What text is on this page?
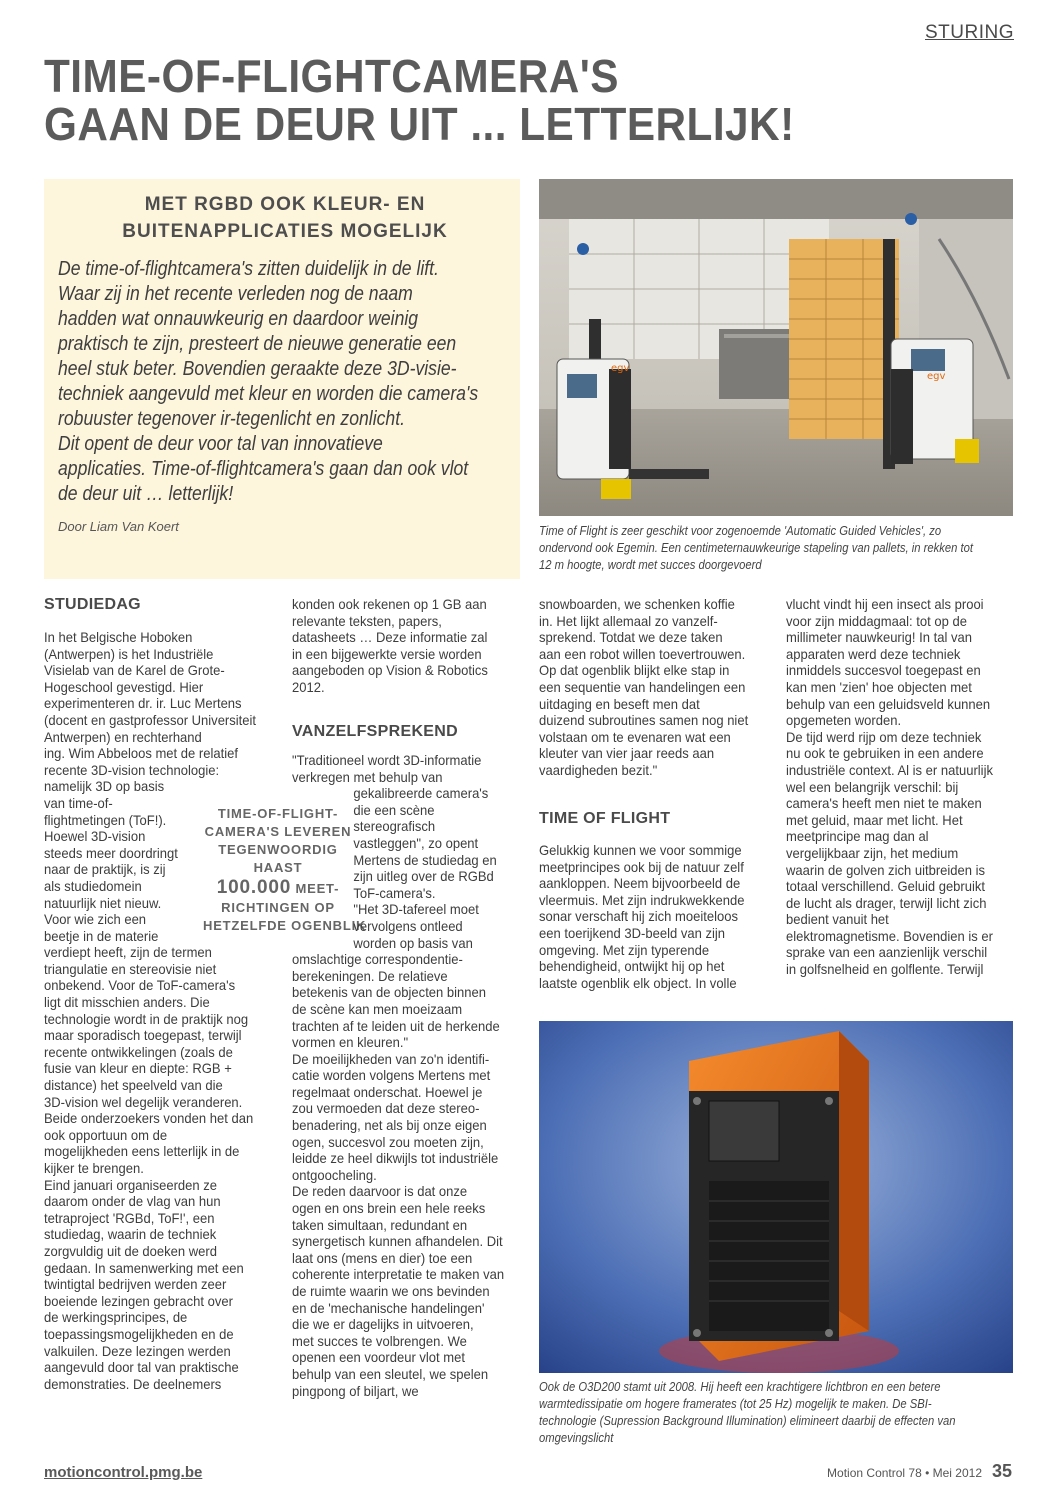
STURING
TIME-OF-FLIGHTCAMERA'S
GAAN DE DEUR UIT ... LETTERLIJK!
MET RGBD OOK KLEUR- EN
BUITENAPPLICATIES MOGELIJK
De time-of-flightcamera's zitten duidelijk in de lift.
Waar zij in het recente verleden nog de naam
hadden wat onnauwkeurig en daardoor weinig
praktisch te zijn, presteert de nieuwe generatie een
heel stuk beter. Bovendien geraakte deze 3D-visie-
techniek aangevuld met kleur en worden die camera's
robuuster tegenover ir-tegenlicht en zonlicht.
Dit opent de deur voor tal van innovatieve
applicaties. Time-of-flightcamera's gaan dan ook vlot
de deur uit … letterlijk!
Door Liam Van Koert
egv
egv
Time of Flight is zeer geschikt voor zogenoemde 'Automatic Guided Vehicles', zo
ondervond ook Egemin. Een centimeternauwkeurige stapeling van pallets, in rekken tot
12 m hoogte, wordt met succes doorgevoerd
STUDIEDAG
In het Belgische Hoboken
(Antwerpen) is het Industriële
Visielab van de Karel de Grote-
Hogeschool gevestigd. Hier
experimenteren dr. ir. Luc Mertens
(docent en gastprofessor Universiteit
Antwerpen) en rechterhand
ing. Wim Abbeloos met de relatief
recente 3D-vision technologie:
namelijk 3D op basis
van time-of-
flightmetingen (ToF!).
Hoewel 3D-vision
steeds meer doordringt
naar de praktijk, is zij
als studiedomein
natuurlijk niet nieuw.
Voor wie zich een
beetje in de materie
verdiept heeft, zijn de termen
triangulatie en stereovisie niet
onbekend. Voor de ToF-camera's
ligt dit misschien anders. Die
technologie wordt in de praktijk nog
maar sporadisch toegepast, terwijl
recente ontwikkelingen (zoals de
fusie van kleur en diepte: RGB +
distance) het speelveld van die
3D-vision wel degelijk veranderen.
Beide onderzoekers vonden het dan
ook opportuun om de
mogelijkheden eens letterlijk in de
kijker te brengen.
Eind januari organiseerden ze
daarom onder de vlag van hun
tetraproject 'RGBd, ToF!', een
studiedag, waarin de techniek
zorgvuldig uit de doeken werd
gedaan. In samenwerking met een
twintigtal bedrijven werden zeer
boeiende lezingen gebracht over
de werkingsprincipes, de
toepassingsmogelijkheden en de
valkuilen. Deze lezingen werden
aangevuld door tal van praktische
demonstraties. De deelnemers
TIME-OF-FLIGHT-
CAMERA'S LEVEREN
TEGENWOORDIG
HAAST
100.000 MEET-
RICHTINGEN OP
HETZELFDE OGENBLIK
konden ook rekenen op 1 GB aan
relevante teksten, papers,
datasheets … Deze informatie zal
in een bijgewerkte versie worden
aangeboden op Vision & Robotics
2012.
VANZELFSPREKEND
"Traditioneel wordt 3D-informatie
verkregen met behulp van
gekalibreerde camera's
die een scène
stereografisch
vastleggen", zo opent
Mertens de studiedag en
zijn uitleg over de RGBd
ToF-camera's.
"Het 3D-tafereel moet
vervolgens ontleed
worden op basis van
omslachtige correspondentie-
berekeningen. De relatieve
betekenis van de objecten binnen
de scène kan men moeizaam
trachten af te leiden uit de herkende
vormen en kleuren."
De moeilijkheden van zo'n identifi-
catie worden volgens Mertens met
regelmaat onderschat. Hoewel je
zou vermoeden dat deze stereo-
benadering, net als bij onze eigen
ogen, succesvol zou moeten zijn,
leidde ze heel dikwijls tot industriële
ontgoocheling.
De reden daarvoor is dat onze
ogen en ons brein een hele reeks
taken simultaan, redundant en
synergetisch kunnen afhandelen. Dit
laat ons (mens en dier) toe een
coherente interpretatie te maken van
de ruimte waarin we ons bevinden
en de 'mechanische handelingen'
die we er dagelijks in uitvoeren,
met succes te volbrengen. We
openen een voordeur vlot met
behulp van een sleutel, we spelen
pingpong of biljart, we
snowboarden, we schenken koffie
in. Het lijkt allemaal zo vanzelf-
sprekend. Totdat we deze taken
aan een robot willen toevertrouwen.
Op dat ogenblik blijkt elke stap in
een sequentie van handelingen een
uitdaging en beseft men dat
duizend subroutines samen nog niet
volstaan om te evenaren wat een
kleuter van vier jaar reeds aan
vaardigheden bezit."
TIME OF FLIGHT
Gelukkig kunnen we voor sommige
meetprincipes ook bij de natuur zelf
aankloppen. Neem bijvoorbeeld de
vleermuis. Met zijn indrukwekkende
sonar verschaft hij zich moeiteloos
een toerijkend 3D-beeld van zijn
omgeving. Met zijn typerende
behendigheid, ontwijkt hij op het
laatste ogenblik elk object. In volle
vlucht vindt hij een insect als prooi
voor zijn middagmaal: tot op de
millimeter nauwkeurig! In tal van
apparaten werd deze techniek
inmiddels succesvol toegepast en
kan men 'zien' hoe objecten met
behulp van een geluidsveld kunnen
opgemeten worden.
De tijd werd rijp om deze techniek
nu ook te gebruiken in een andere
industriële context. Al is er natuurlijk
wel een belangrijk verschil: bij
camera's heeft men niet te maken
met geluid, maar met licht. Het
meetprincipe mag dan al
vergelijkbaar zijn, het medium
waarin de golven zich uitbreiden is
totaal verschillend. Geluid gebruikt
de lucht als drager, terwijl licht zich
bedient vanuit het
elektromagnetisme. Bovendien is er
sprake van een aanzienlijk verschil
in golfsnelheid en golflente. Terwijl
Ook de O3D200 stamt uit 2008. Hij heeft een krachtigere lichtbron en een betere
warmtedissipatie om hogere framerates (tot 25 Hz) mogelijk te maken. De SBI-
technologie (Supression Background Illumination) elimineert daarbij de effecten van
omgevingslicht
motioncontrol.pmg.be	Motion Control 78 • Mei 2012 35
